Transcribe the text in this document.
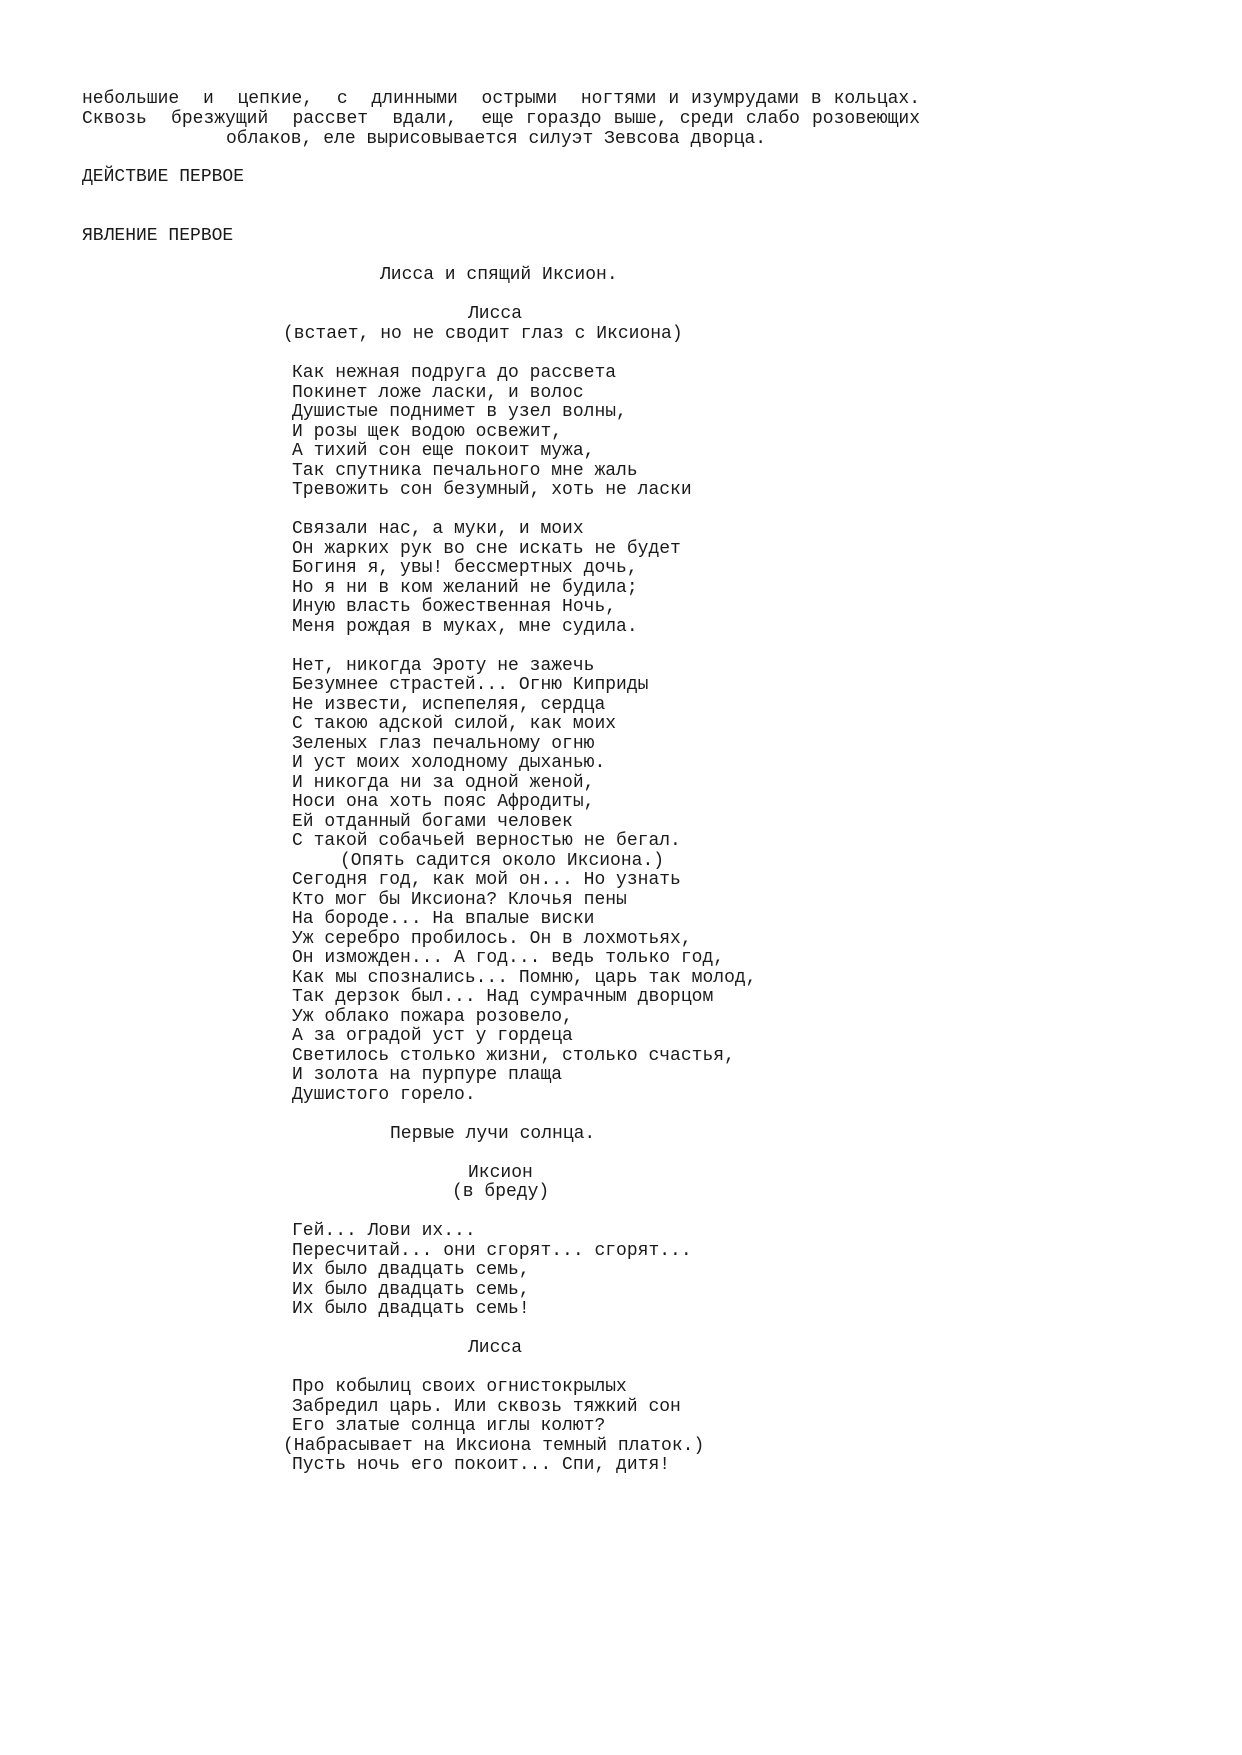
небольшие  и  цепкие,  с  длинными  острыми  ногтями и изумрудами в кольцах.
Сквозь  брезжущий  рассвет  вдали,  еще гораздо выше, среди слабо розовеющих
облаков, еле вырисовывается силуэт Зевсова дворца.
ДЕЙСТВИЕ ПЕРВОЕ
ЯВЛЕНИЕ ПЕРВОЕ
Лисса и спящий Иксион.
Лисса
(встает, но не сводит глаз с Иксиона)
Как нежная подруга до рассвета
Покинет ложе ласки, и волос
Душистые поднимет в узел волны,
И розы щек водою освежит,
А тихий сон еще покоит мужа,
Так спутника печального мне жаль
Тревожить сон безумный, хоть не ласки
Связали нас, а муки, и моих
Он жарких рук во сне искать не будет
Богиня я, увы! бессмертных дочь,
Но я ни в ком желаний не будила;
Иную власть божественная Ночь,
Меня рождая в муках, мне судила.
Нет, никогда Эроту не зажечь
Безумнее страстей... Огню Киприды
Не извести, испепеляя, сердца
С такою адской силой, как моих
Зеленых глаз печальному огню
И уст моих холодному дыханью.
И никогда ни за одной женой,
Носи она хоть пояс Афродиты,
Ей отданный богами человек
С такой собачьей верностью не бегал.
(Опять садится около Иксиона.)
Сегодня год, как мой он... Но узнать
Кто мог бы Иксиона? Клочья пены
На бороде... На впалые виски
Уж серебро пробилось. Он в лохмотьях,
Он изможден... А год... ведь только год,
Как мы спознались... Помню, царь так молод,
Так дерзок был... Над сумрачным дворцом
Уж облако пожара розовело,
А за оградой уст у гордеца
Светилось столько жизни, столько счастья,
И золота на пурпуре плаща
Душистого горело.
Первые лучи солнца.
Иксион
(в бреду)
Гей... Лови их...
Пересчитай... они сгорят... сгорят...
Их было двадцать семь,
Их было двадцать семь,
Их было двадцать семь!
Лисса
Про кобылиц своих огнистокрылых
Забредил царь. Или сквозь тяжкий сон
Его златые солнца иглы колют?
(Набрасывает на Иксиона темный платок.)
Пусть ночь его покоит... Спи, дитя!
